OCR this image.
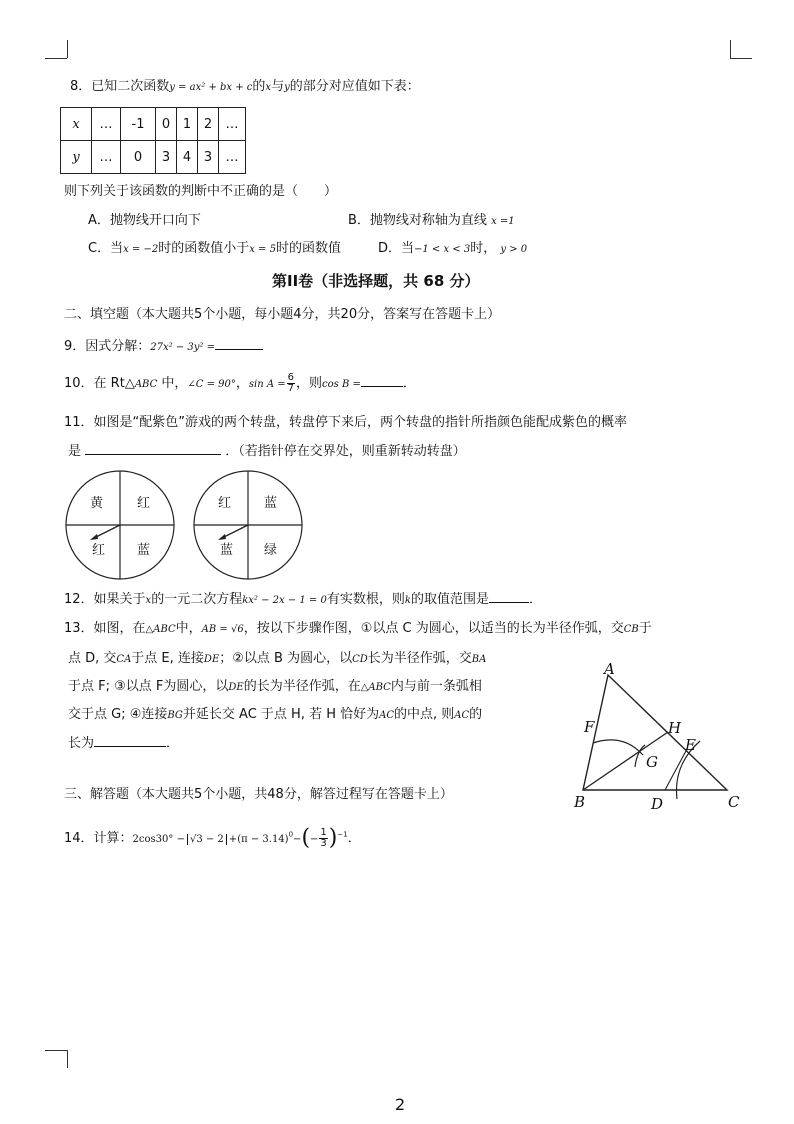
8．已知二次函数y = ax² + bx + c的x与y的部分对应值如下表：
x	…	-1	0	1	2	…
y	…	0	3	4	3	…
则下列关于该函数的判断中不正确的是（　　）
A．抛物线开口向下	B．抛物线对称轴为直线 x =1
C．当x = −2时的函数值小于x = 5时的函数值	D．当−1 < x < 3时， y > 0
第II卷（非选择题，共 68 分）
二、填空题（本大题共5个小题，每小题4分，共20分，答案写在答题卡上）
9．因式分解：27x² − 3y² =
10．在 Rt△ABC 中，∠C = 90°，$\sin A = \frac{6}{7}$ ，则cos B =	．
11．如图是“配紫色”游戏的两个转盘，转盘停下来后，两个转盘的指针所指颜色能配成紫色的概率
是	．（若指针停在交界处，则重新转动转盘）
黄	红
红 蓝
红	蓝
蓝 绿
12．如果关于x的一元二次方程kx² − 2x − 1 = 0有实数根，则k的取值范围是	．
13．如图，在△ABC中，AB = √6，按以下步骤作图，①以点 C 为圆心，以适当的长为半径作弧，交CB于
点 D, 交CA于点 E, 连接DE；②以点 B 为圆心，以CD长为半径作弧，交BA
于点 F; ③以点 F为圆心，以DE的长为半径作弧，在△ABC内与前一条弧相
交于点 G; ④连接BG并延长交 AC 于点 H, 若 H 恰好为AC的中点, 则AC的
长为	．
A
B	C
D
E
F
G
H
三、解答题（本大题共5个小题，共48分，解答过程写在答题卡上）
14．计算：$2\cos 30^\circ - √3 - 2 +(\pi - 3.14)^0-(- \frac{1}{3} )^{-1}$．
2
